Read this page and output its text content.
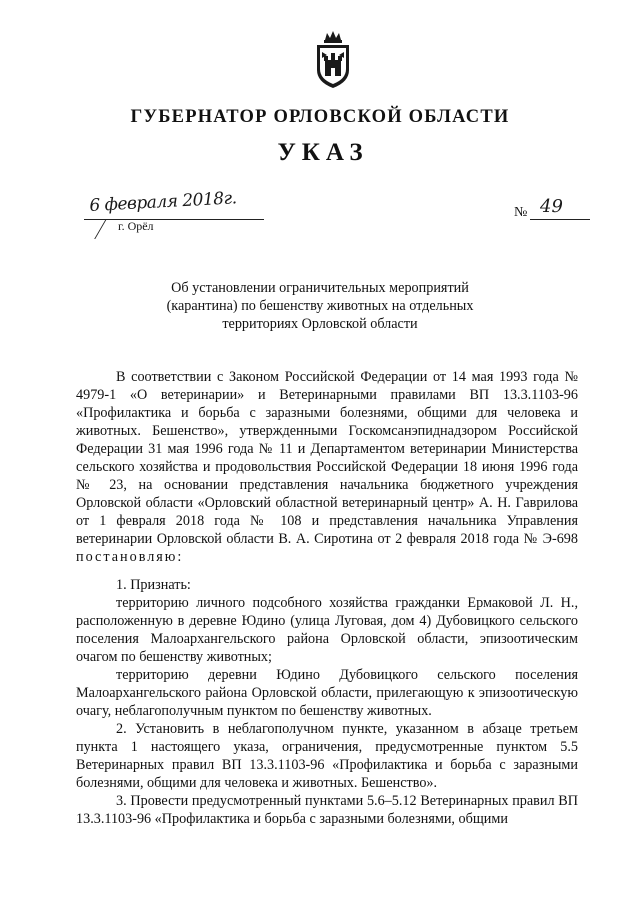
ГУБЕРНАТОР ОРЛОВСКОЙ ОБЛАСТИ
УКАЗ
6 февраля 2018г.
г. Орёл
№ 49
Об установлении ограничительных мероприятий
(карантина) по бешенству животных на отдельных
территориях Орловской области

В соответствии с Законом Российской Федерации от 14 мая 1993 года № 4979-1 «О ветеринарии» и Ветеринарными правилами ВП 13.3.1103-96 «Профилактика и борьба с заразными болезнями, общими для человека и животных. Бешенство», утвержденными Госкомсанэпиднадзором Российской Федерации 31 мая 1996 года № 11 и Департаментом ветеринарии Министерства сельского хозяйства и продовольствия Российской Федерации 18 июня 1996 года № 23, на основании представления начальника бюджетного учреждения Орловской области «Орловский областной ветеринарный центр» А. Н. Гаврилова от 1 февраля 2018 года № 108 и представления начальника Управления ветеринарии Орловской области В. А. Сиротина от 2 февраля 2018 года № Э-698 постановляю:

1. Признать:

территорию личного подсобного хозяйства гражданки Ермаковой Л. Н., расположенную в деревне Юдино (улица Луговая, дом 4) Дубовицкого сельского поселения Малоархангельского района Орловской области, эпизоотическим очагом по бешенству животных;

территорию деревни Юдино Дубовицкого сельского поселения Малоархангельского района Орловской области, прилегающую к эпизоотическую очагу, неблагополучным пунктом по бешенству животных.

2. Установить в неблагополучном пункте, указанном в абзаце третьем пункта 1 настоящего указа, ограничения, предусмотренные пунктом 5.5 Ветеринарных правил ВП 13.3.1103-96 «Профилактика и борьба с заразными болезнями, общими для человека и животных. Бешенство».

3. Провести предусмотренный пунктами 5.6–5.12 Ветеринарных правил ВП 13.3.1103-96 «Профилактика и борьба с заразными болезнями, общими
